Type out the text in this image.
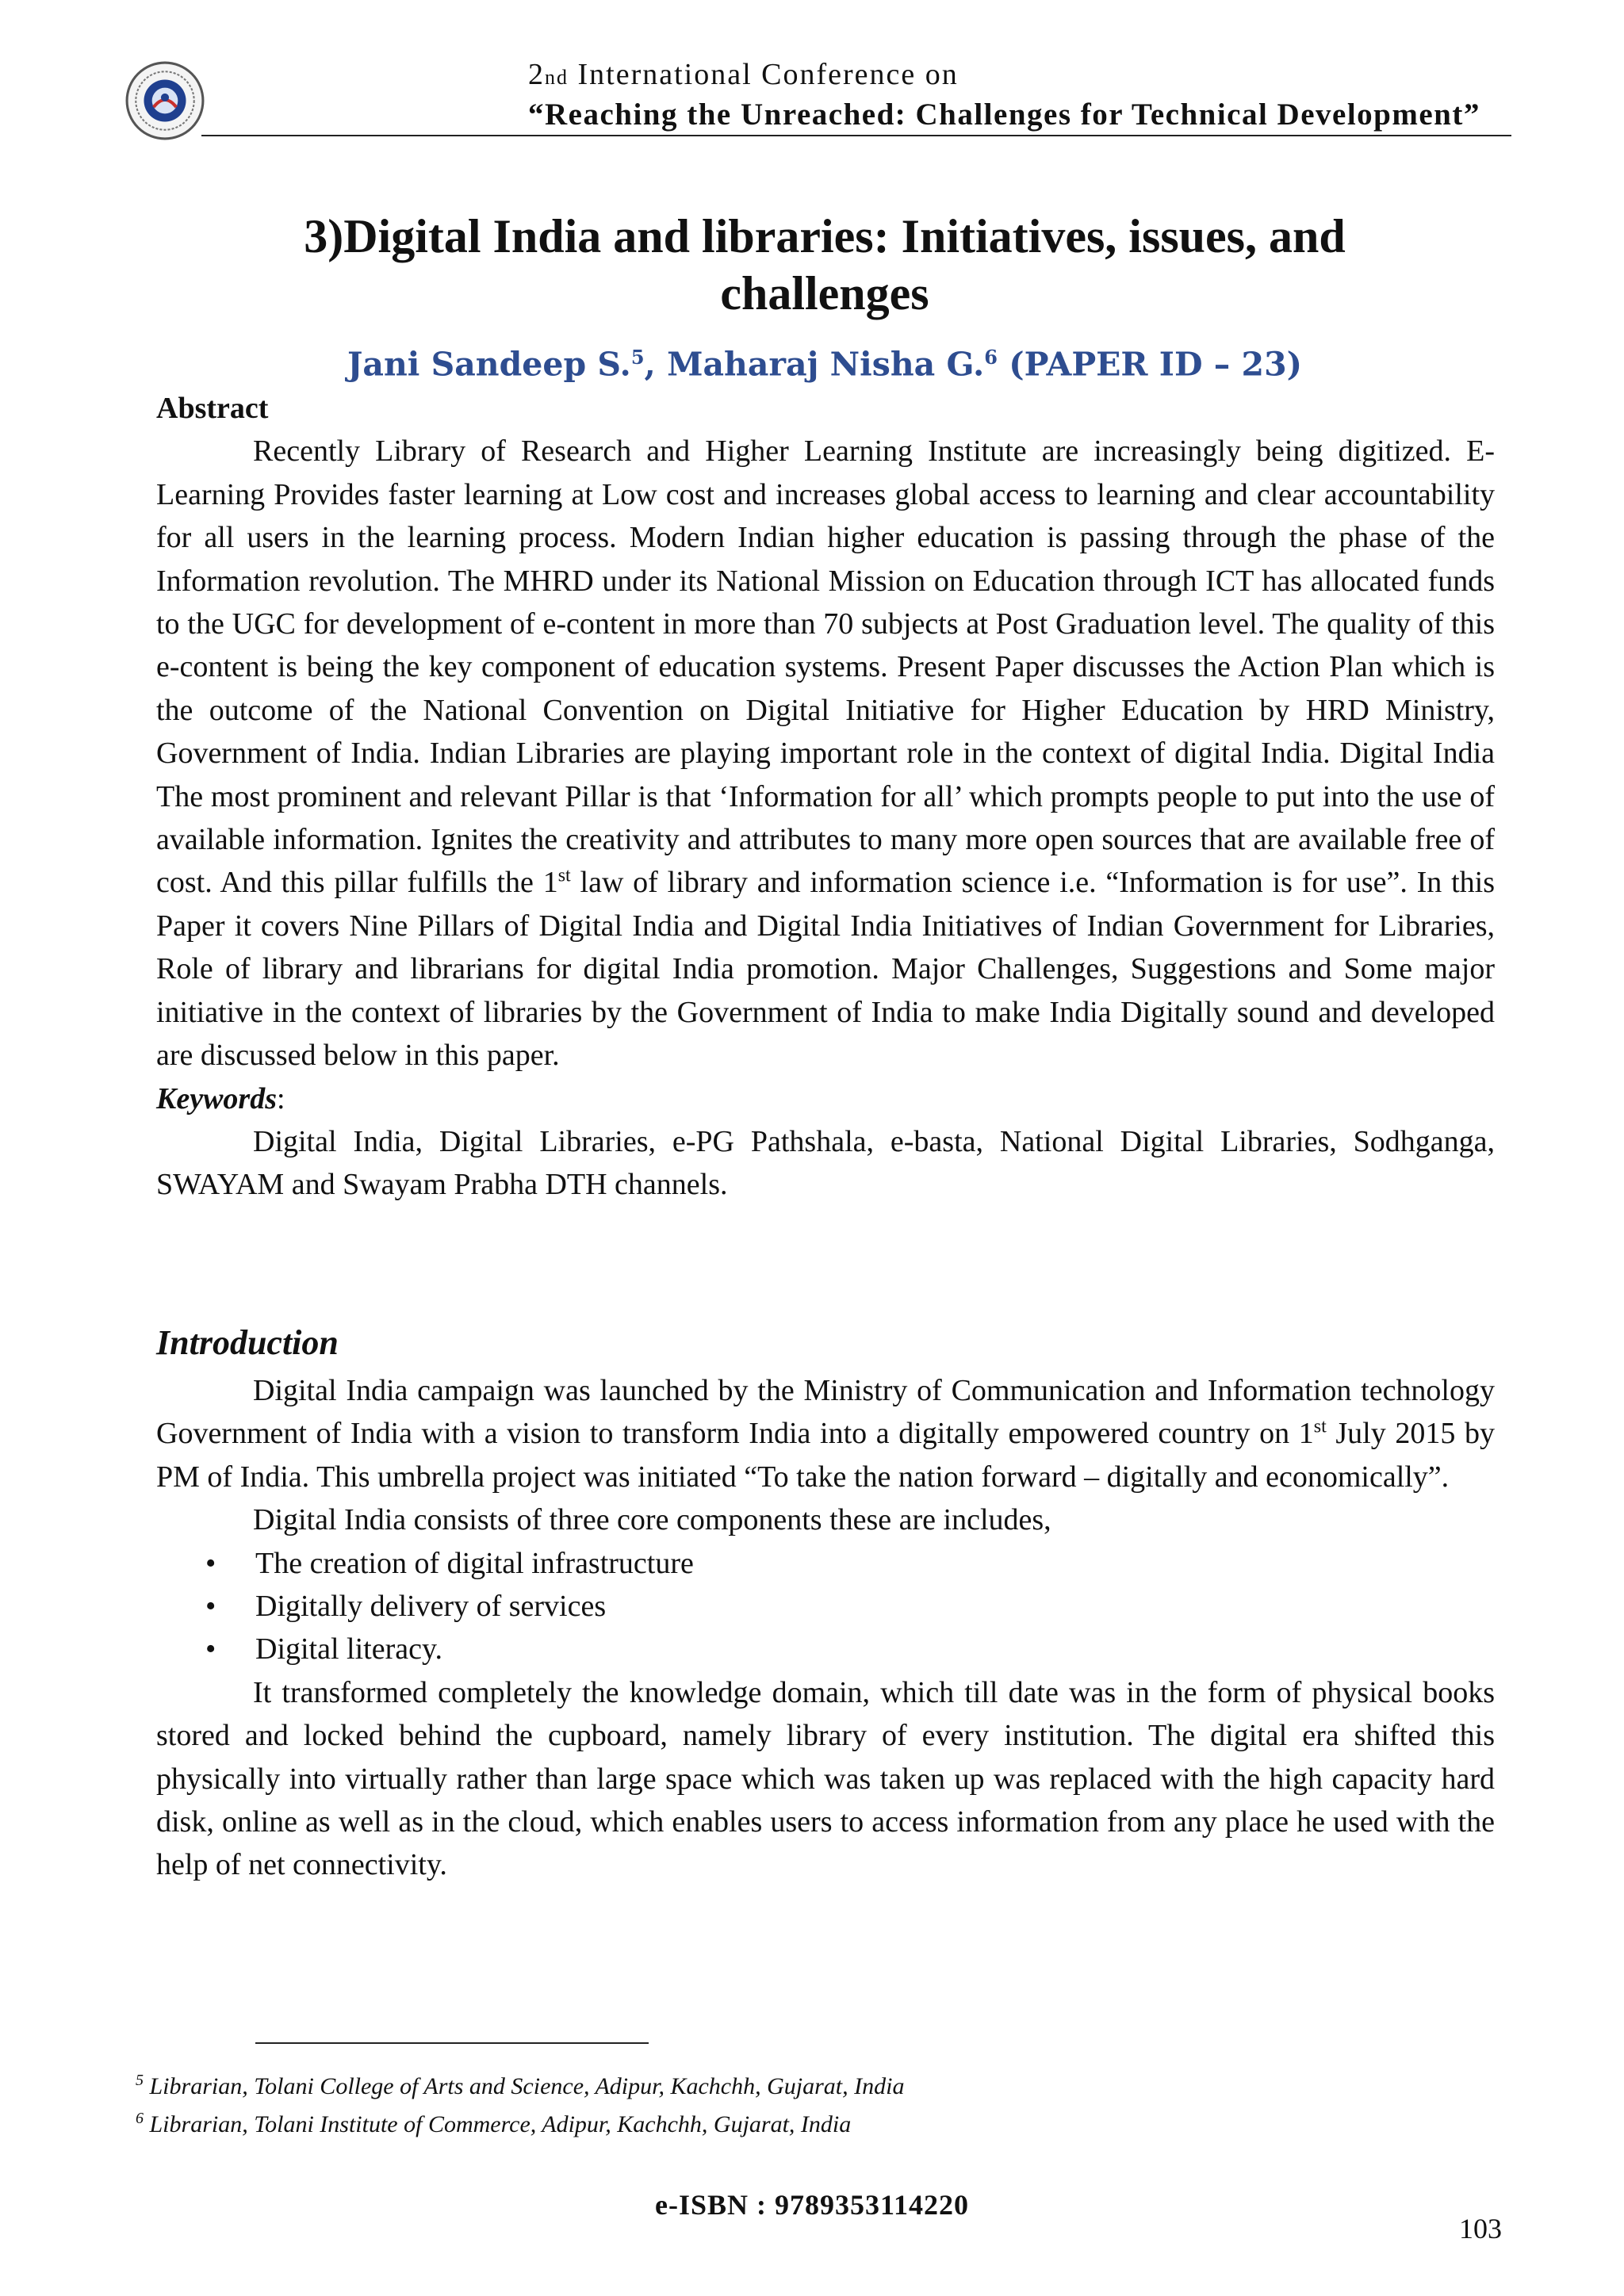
2nd International Conference on
“Reaching the Unreached: Challenges for Technical Development”
3)Digital India and libraries: Initiatives, issues, and challenges
Jani Sandeep S.$^5$, Maharaj Nisha G.$^6$ (PAPER ID – 23)

Abstract

Recently Library of Research and Higher Learning Institute are increasingly being digitized. E-Learning Provides faster learning at Low cost and increases global access to learning and clear accountability for all users in the learning process. Modern Indian higher education is passing through the phase of the Information revolution. The MHRD under its National Mission on Education through ICT has allocated funds to the UGC for development of e-content in more than 70 subjects at Post Graduation level. The quality of this e-content is being the key component of education systems. Present Paper discusses the Action Plan which is the outcome of the National Convention on Digital Initiative for Higher Education by HRD Ministry, Government of India. Indian Libraries are playing important role in the context of digital India. Digital India The most prominent and relevant Pillar is that ‘Information for all’ which prompts people to put into the use of available information. Ignites the creativity and attributes to many more open sources that are available free of cost. And this pillar fulfills the 1st law of library and information science i.e. “Information is for use”. In this Paper it covers Nine Pillars of Digital India and Digital India Initiatives of Indian Government for Libraries, Role of library and librarians for digital India promotion. Major Challenges, Suggestions and Some major initiative in the context of libraries by the Government of India to make India Digitally sound and developed are discussed below in this paper.

Keywords:

Digital India, Digital Libraries, e-PG Pathshala, e-basta, National Digital Libraries, Sodhganga, SWAYAM and Swayam Prabha DTH channels.

Introduction

Digital India campaign was launched by the Ministry of Communication and Information technology Government of India with a vision to transform India into a digitally empowered country on 1st July 2015 by PM of India. This umbrella project was initiated “To take the nation forward – digitally and economically”.

Digital India consists of three core components these are includes,

• The creation of digital infrastructure
• Digitally delivery of services
• Digital literacy.

It transformed completely the knowledge domain, which till date was in the form of physical books stored and locked behind the cupboard, namely library of every institution. The digital era shifted this physically into virtually rather than large space which was taken up was replaced with the high capacity hard disk, online as well as in the cloud, which enables users to access information from any place he used with the help of net connectivity.

$^5$ Librarian, Tolani College of Arts and Science, Adipur, Kachchh, Gujarat, India
$^6$ Librarian, Tolani Institute of Commerce, Adipur, Kachchh, Gujarat, India
e-ISBN : 9789353114220
103
